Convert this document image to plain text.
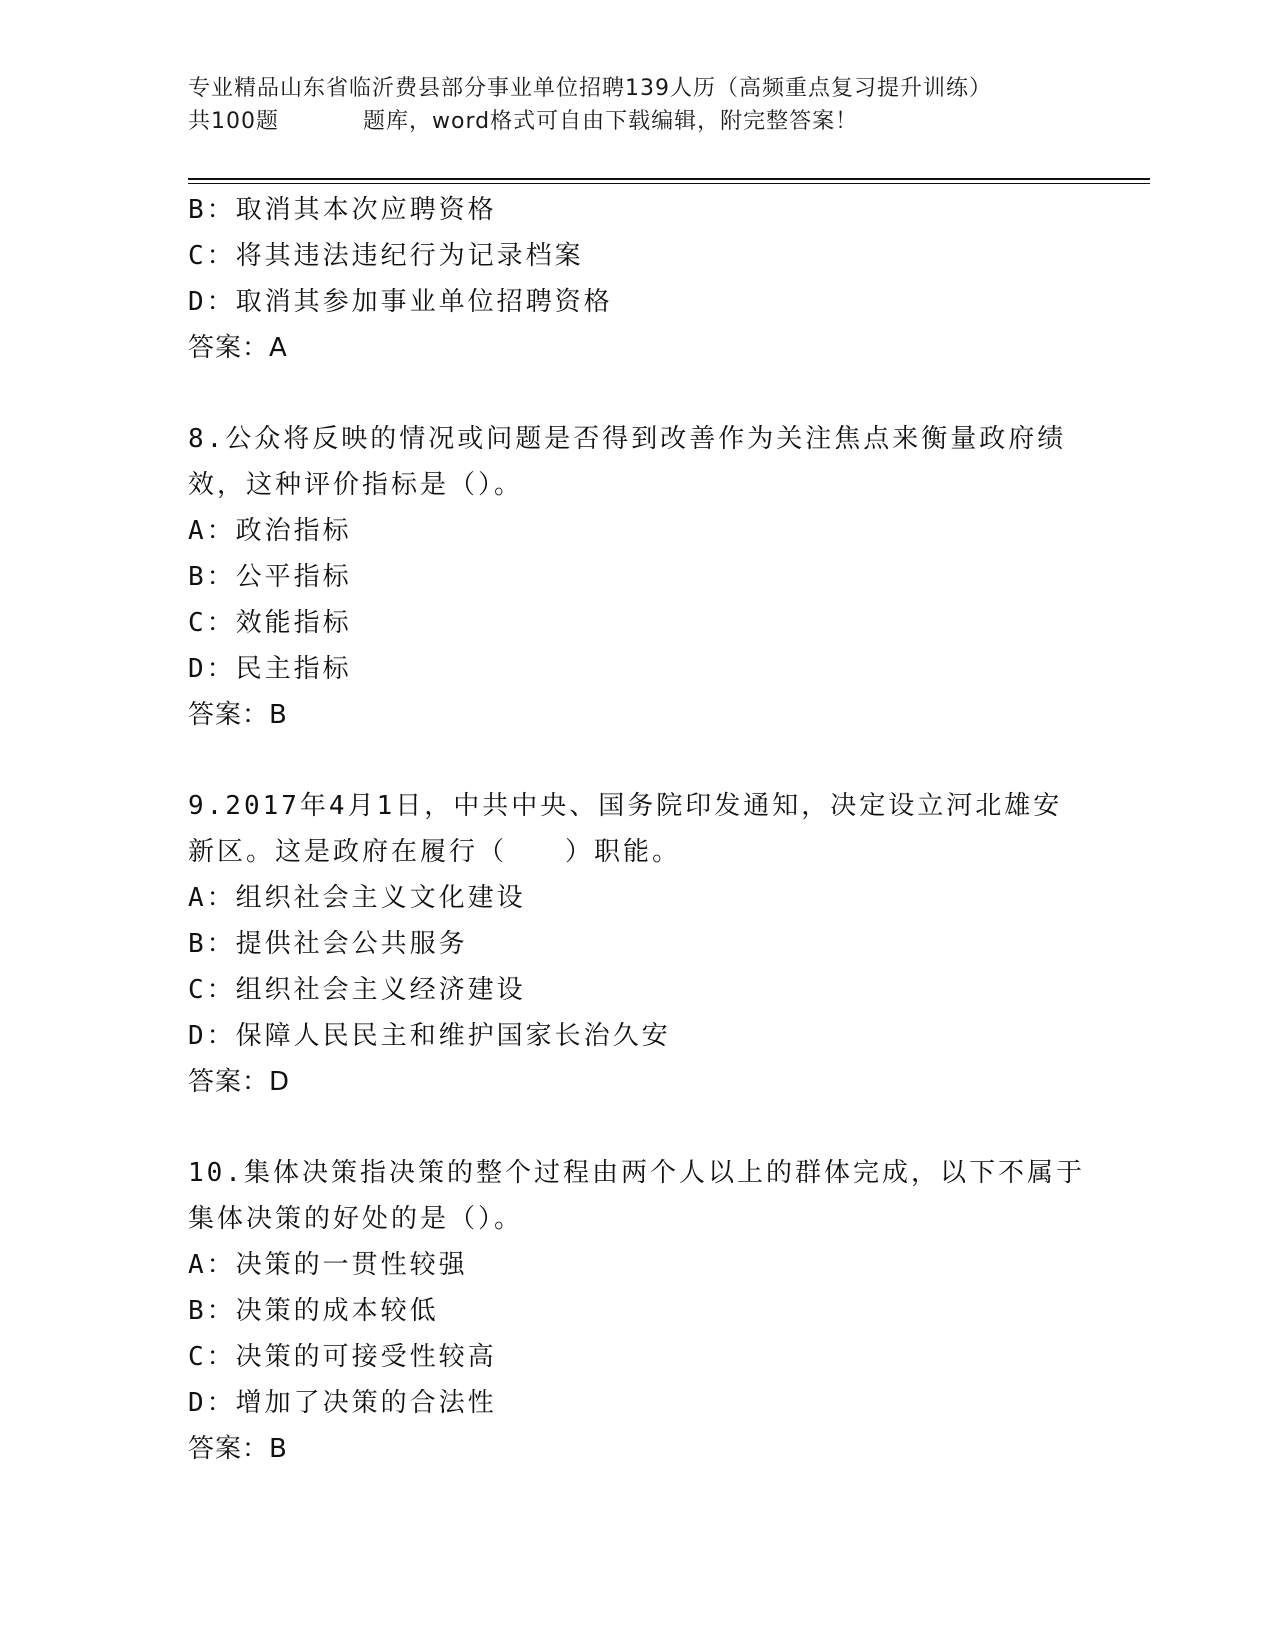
专业精品山东省临沂费县部分事业单位招聘139人历（高频重点复习提升训练）
共100题	题库，word格式可自由下载编辑，附完整答案！
B：取消其本次应聘资格
C：将其违法违纪行为记录档案
D：取消其参加事业单位招聘资格
答案：A
8.公众将反映的情况或问题是否得到改善作为关注焦点来衡量政府绩
效，这种评价指标是（）。
A：政治指标
B：公平指标
C：效能指标
D：民主指标
答案：B
9.2017年4月1日，中共中央、国务院印发通知，决定设立河北雄安
新区。这是政府在履行（　　）职能。
A：组织社会主义文化建设
B：提供社会公共服务
C：组织社会主义经济建设
D：保障人民民主和维护国家长治久安
答案：D
10.集体决策指决策的整个过程由两个人以上的群体完成，以下不属于
集体决策的好处的是（）。
A：决策的一贯性较强
B：决策的成本较低
C：决策的可接受性较高
D：增加了决策的合法性
答案：B
